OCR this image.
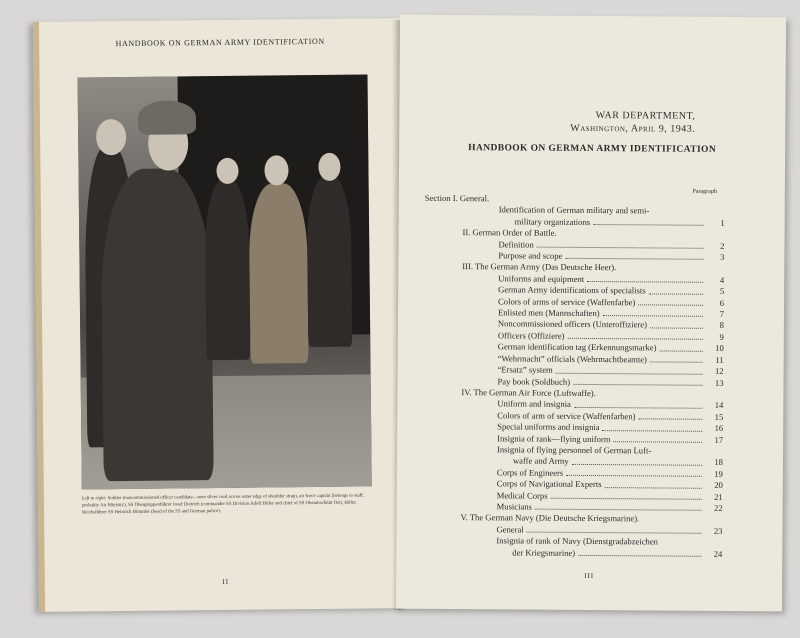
HANDBOOK ON GERMAN ARMY IDENTIFICATION
Left to right: Soldier (noncommissioned officer candidate—note silver cord across outer edge of shoulder strap), air force captain (belongs to staff, probably Air Ministry), SS Obergruppenführer Josef Dietrich (commander SS Division Adolf Hitler and chief of SS Oberabschnitt Ost), Hitler, Reichsführer SS Heinrich Himmler (head of the SS and German police).
II
WAR DEPARTMENT,
Washington, April 9, 1943.
HANDBOOK ON GERMAN ARMY IDENTIFICATION
Paragraph
Section I. General.
Identification of German military and semi-
military organizations	1
II. German Order of Battle.
Definition	2
Purpose and scope	3
III. The German Army (Das Deutsche Heer).
Uniforms and equipment	4
German Army identifications of specialists	5
Colors of arms of service (Waffenfarbe)	6
Enlisted men (Mannschaften)	7
Noncommissioned officers (Unteroffiziere)	8
Officers (Offiziere)	9
German identification tag (Erkennungsmarke)	10
“Wehrmacht” officials (Wehrmachtbeamte)	11
“Ersatz” system	12
Pay book (Soldbuch)	13
IV. The German Air Force (Luftwaffe).
Uniform and insignia	14
Colors of arm of service (Waffenfarben)	15
Special uniforms and insignia	16
Insignia of rank—flying uniform	17
Insignia of flying personnel of German Luft-
waffe and Army	18
Corps of Engineers	19
Corps of Navigational Experts	20
Medical Corps	21
Musicians	22
V. The German Navy (Die Deutsche Kriegsmarine).
General	23
Insignia of rank of Navy (Dienstgradabzeichen
der Kriegsmarine)	24
III
